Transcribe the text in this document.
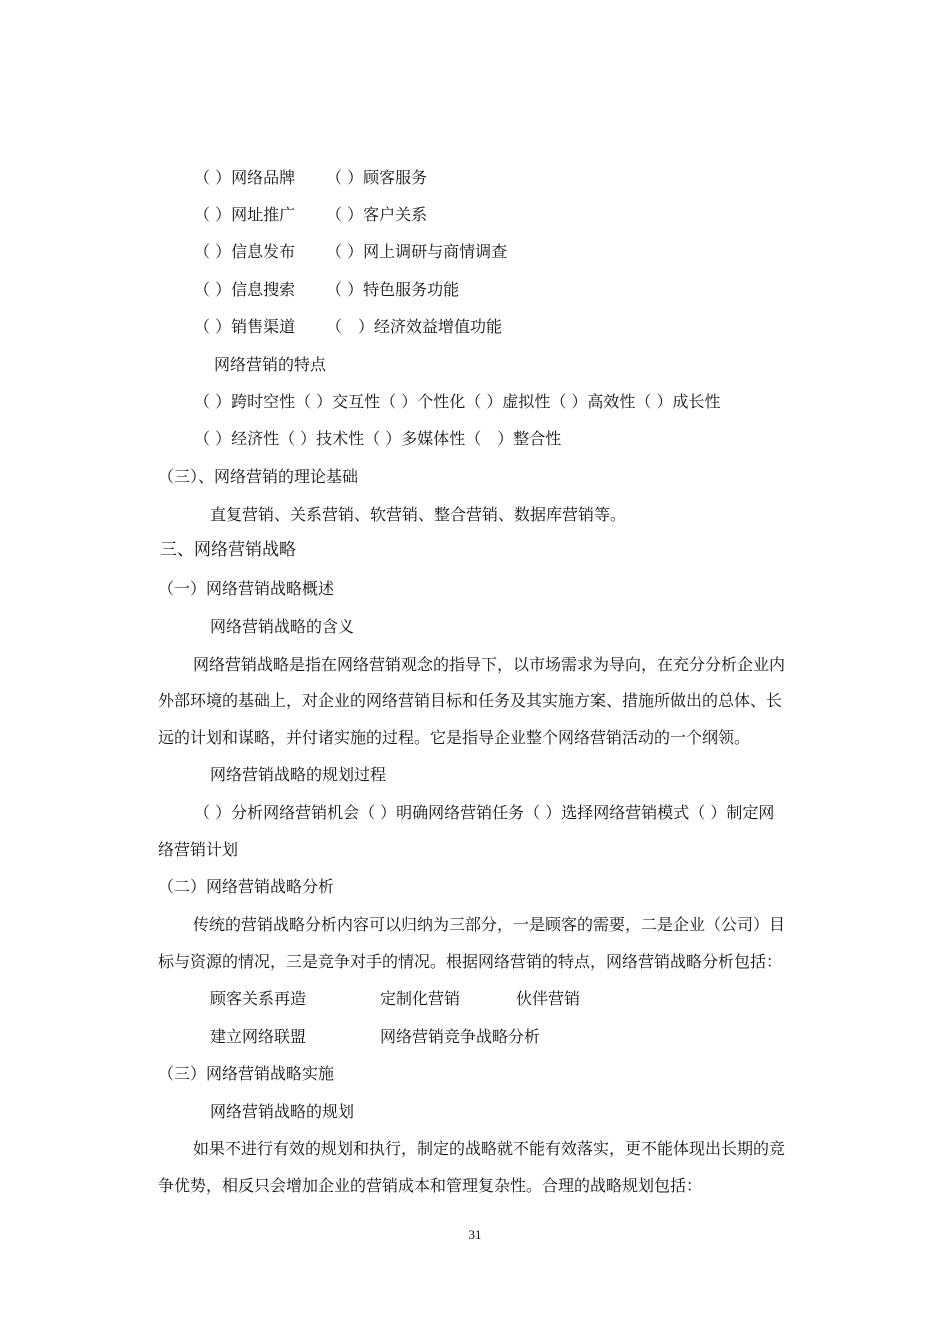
（ ）网络品牌 （ ）顾客服务
（ ）网址推广 （ ）客户关系
（ ）信息发布 （ ）网上调研与商情调查
（ ）信息搜索 （ ）特色服务功能
（ ）销售渠道 （　）经济效益增值功能
网络营销的特点
（ ）跨时空性（ ）交互性（ ）个性化（ ）虚拟性（ ）高效性（ ）成长性
（ ）经济性（ ）技术性（ ）多媒体性（　）整合性
（三）、网络营销的理论基础
直复营销、关系营销、软营销、整合营销、数据库营销等。
三、网络营销战略
（一）网络营销战略概述
网络营销战略的含义
网络营销战略是指在网络营销观念的指导下，以市场需求为导向，在充分分析企业内
外部环境的基础上，对企业的网络营销目标和任务及其实施方案、措施所做出的总体、长
远的计划和谋略，并付诸实施的过程。它是指导企业整个网络营销活动的一个纲领。
网络营销战略的规划过程
（ ）分析网络营销机会（ ）明确网络营销任务（ ）选择网络营销模式（ ）制定网
络营销计划
（二）网络营销战略分析
传统的营销战略分析内容可以归纳为三部分，一是顾客的需要，二是企业（公司）目
标与资源的情况，三是竞争对手的情况。根据网络营销的特点，网络营销战略分析包括：
顾客关系再造	定制化营销	伙伴营销
建立网络联盟	网络营销竞争战略分析
（三）网络营销战略实施
网络营销战略的规划
如果不进行有效的规划和执行，制定的战略就不能有效落实，更不能体现出长期的竞
争优势，相反只会增加企业的营销成本和管理复杂性。合理的战略规划包括：
31
